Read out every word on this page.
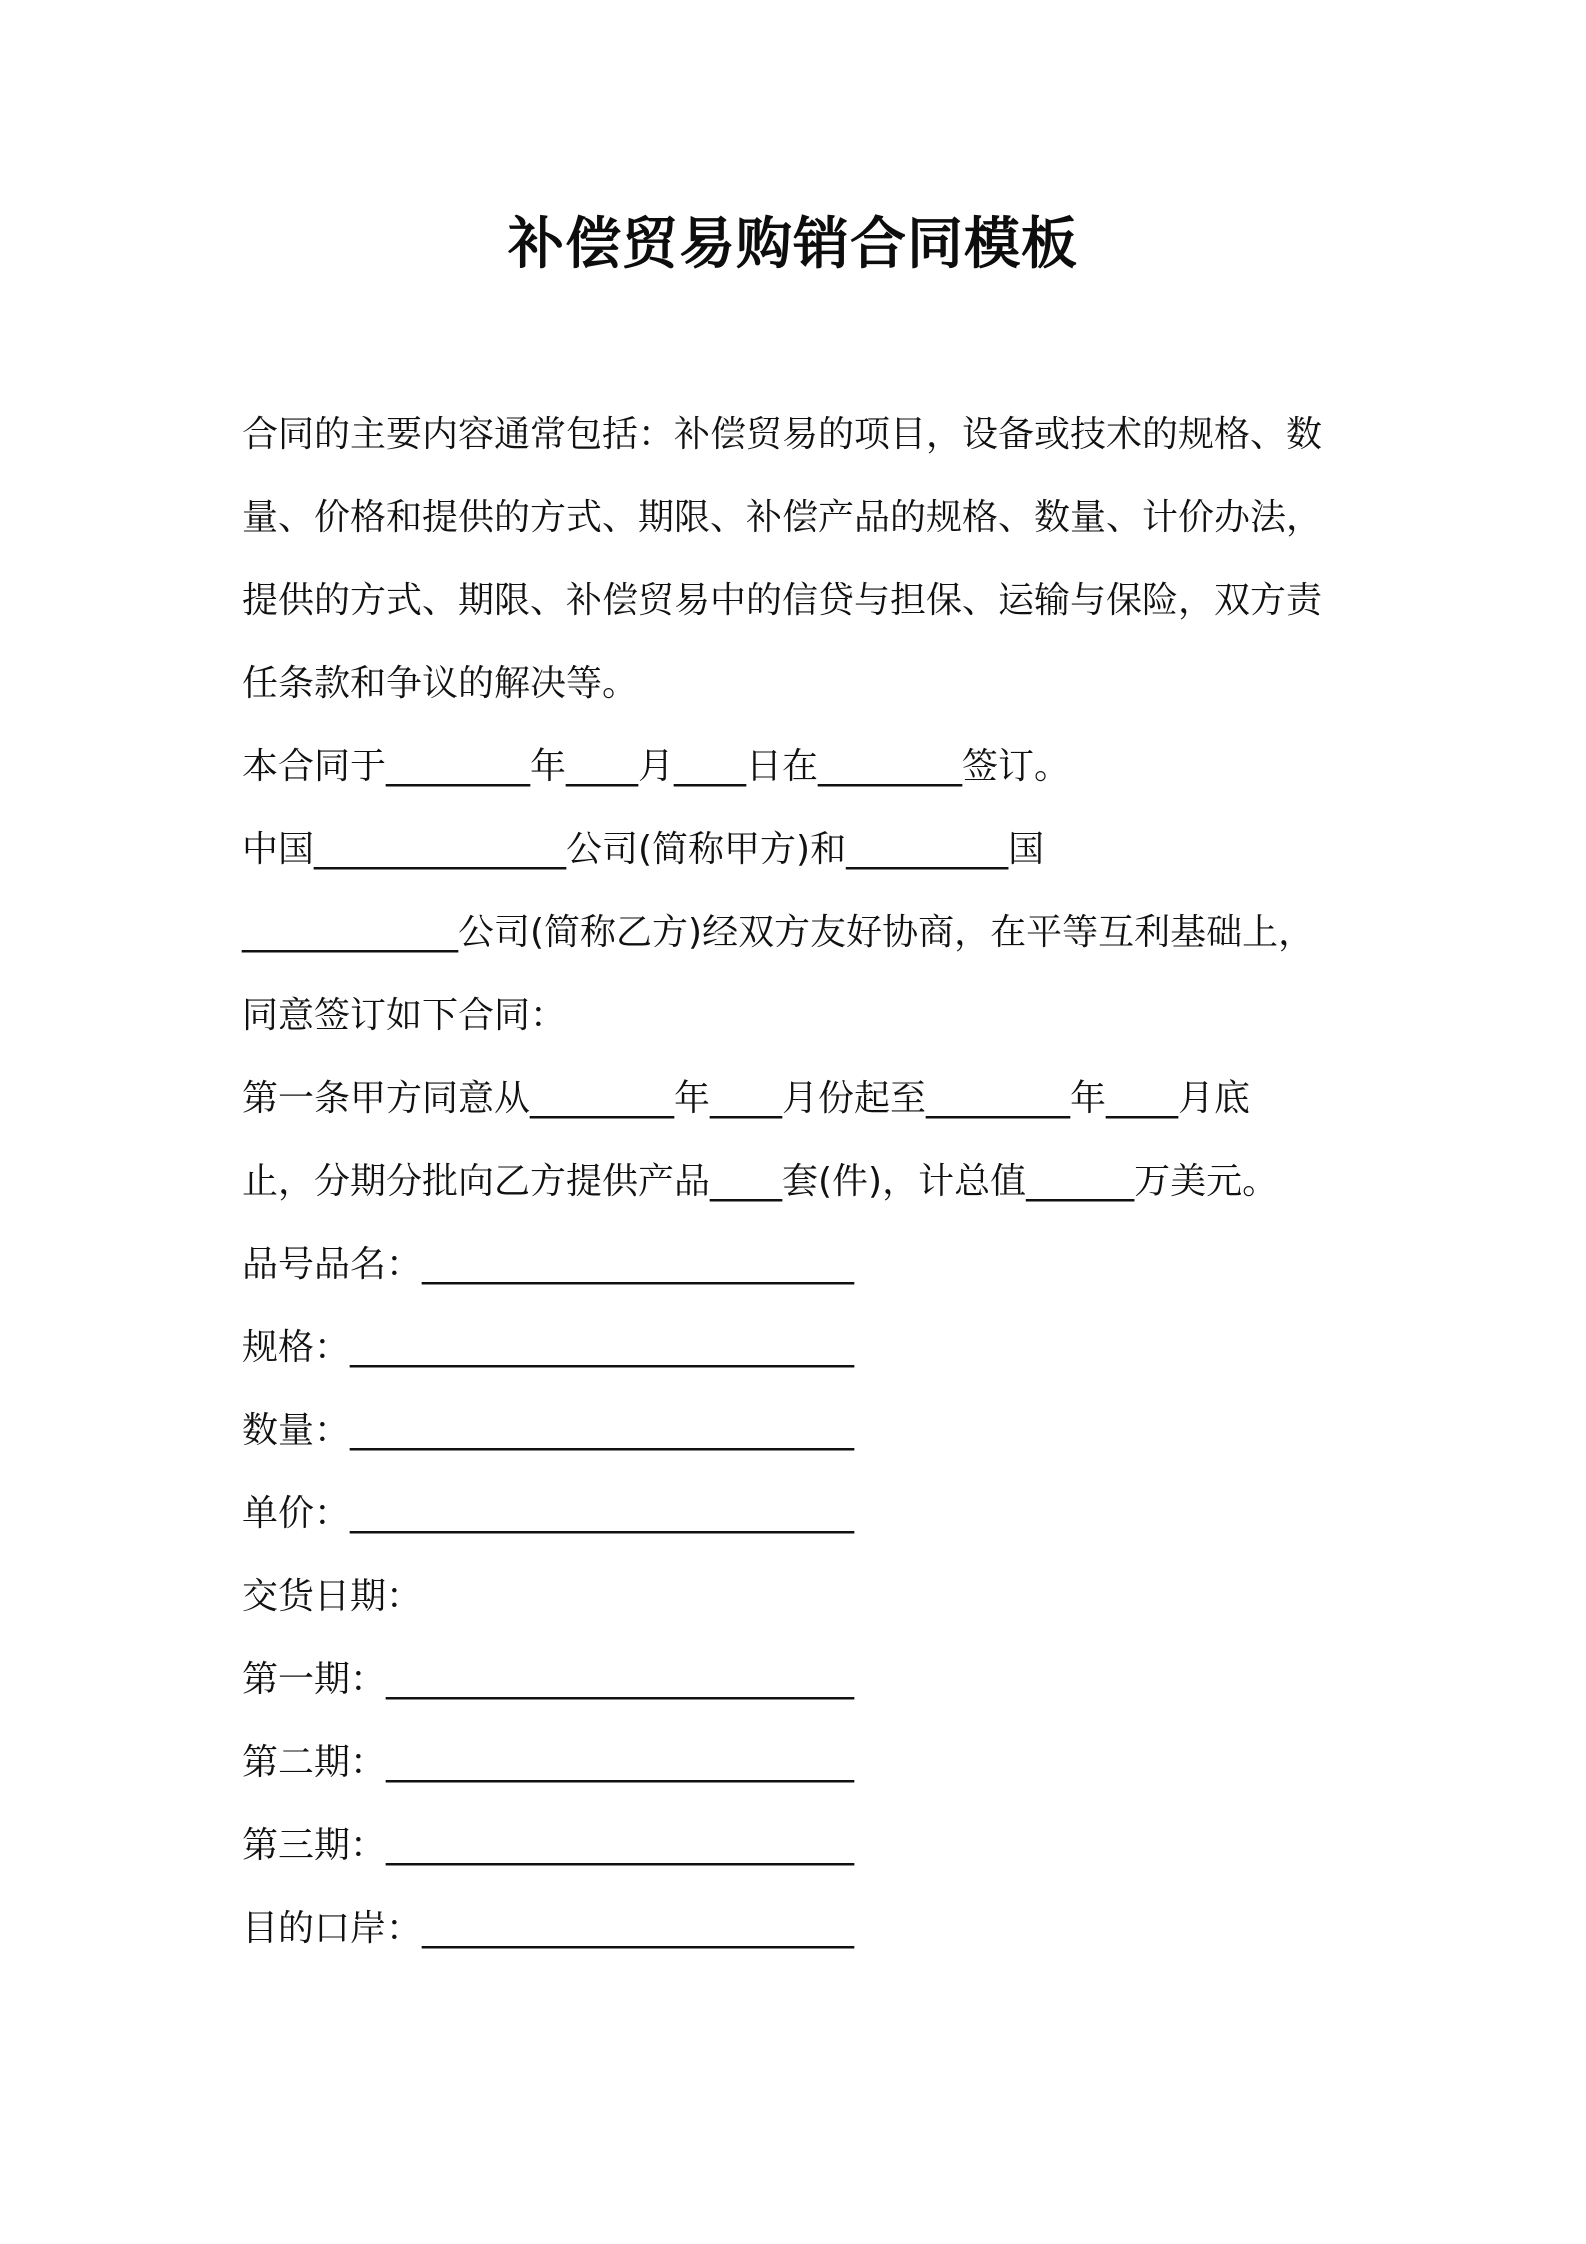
补偿贸易购销合同模板
合同的主要内容通常包括：补偿贸易的项目，设备或技术的规格、数
量、价格和提供的方式、期限、补偿产品的规格、数量、计价办法，
提供的方式、期限、补偿贸易中的信贷与担保、运输与保险，双方责
任条款和争议的解决等。
本合同于________年____月____日在________签订。
中国______________公司(简称甲方)和_________国
____________公司(简称乙方)经双方友好协商，在平等互利基础上，
同意签订如下合同：
第一条甲方同意从________年____月份起至________年____月底
止，分期分批向乙方提供产品____套(件)，计总值______万美元。
品号品名：________________________
规格：____________________________
数量：____________________________
单价：____________________________
交货日期：
第一期：__________________________
第二期：__________________________
第三期：__________________________
目的口岸：________________________
